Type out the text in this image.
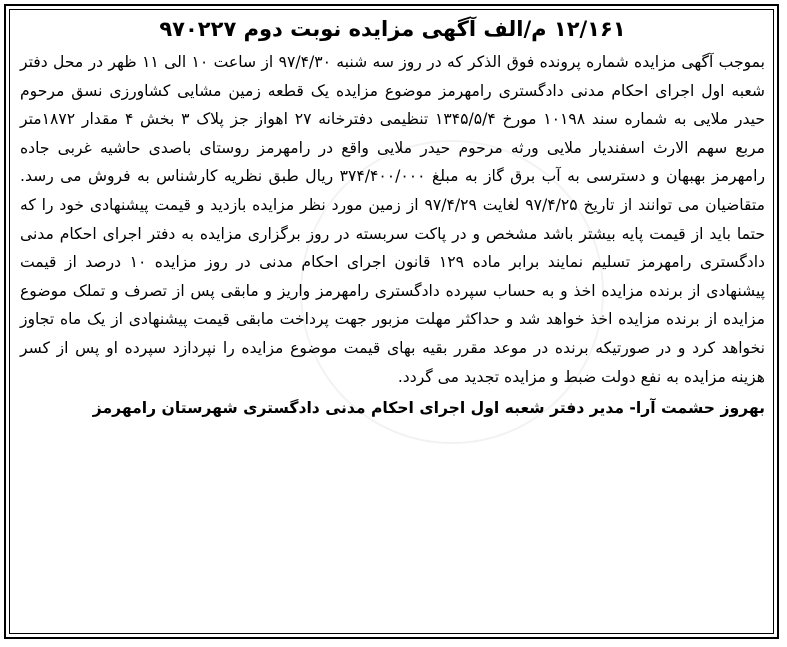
۱۲/۱۶۱ م/الف آگهی مزایده نوبت دوم ۹۷۰۲۲۷

بموجب آگهی مزایده شماره پرونده فوق الذکر که در روز سه شنبه ۹۷/۴/۳۰ از ساعت ۱۰ الی ۱۱ ظهر در محل دفتر شعبه اول اجرای احکام مدنی دادگستری رامهرمز موضوع مزایده یک قطعه زمین مشایی کشاورزی نسق مرحوم حیدر ملایی به شماره سند ۱۰۱۹۸ مورخ ۱۳۴۵/۵/۴ تنظیمی دفترخانه ۲۷ اهواز جز پلاک ۳ بخش ۴ مقدار ۱۸۷۲متر مربع سهم الارث اسفندیار ملایی ورثه مرحوم حیدر ملایی واقع در رامهرمز روستای باصدی حاشیه غربی جاده رامهرمز بهبهان و دسترسی به آب برق گاز به مبلغ ۳۷۴/۴۰۰/۰۰۰ ریال طبق نظریه کارشناس به فروش می رسد. متقاضیان می توانند از تاریخ ۹۷/۴/۲۵ لغایت ۹۷/۴/۲۹ از زمین مورد نظر مزایده بازدید و قیمت پیشنهادی خود را که حتما باید از قیمت پایه بیشتر باشد مشخص و در پاکت سربسته در روز برگزاری مزایده به دفتر اجرای احکام مدنی دادگستری رامهرمز تسلیم نمایند برابر ماده ۱۲۹ قانون اجرای احکام مدنی در روز مزایده ۱۰ درصد از قیمت پیشنهادی از برنده مزایده اخذ و به حساب سپرده دادگستری رامهرمز واریز و مابقی پس از تصرف و تملک موضوع مزایده از برنده مزایده اخذ خواهد شد و حداکثر مهلت مزبور جهت پرداخت مابقی قیمت پیشنهادی از یک ماه تجاوز نخواهد کرد و در صورتیکه برنده در موعد مقرر بقیه بهای قیمت موضوع مزایده را نپردازد سپرده او پس از کسر هزینه مزایده به نفع دولت ضبط و مزایده تجدید می گردد.

بهروز حشمت آرا- مدیر دفتر شعبه اول اجرای احکام مدنی دادگستری شهرستان رامهرمز
